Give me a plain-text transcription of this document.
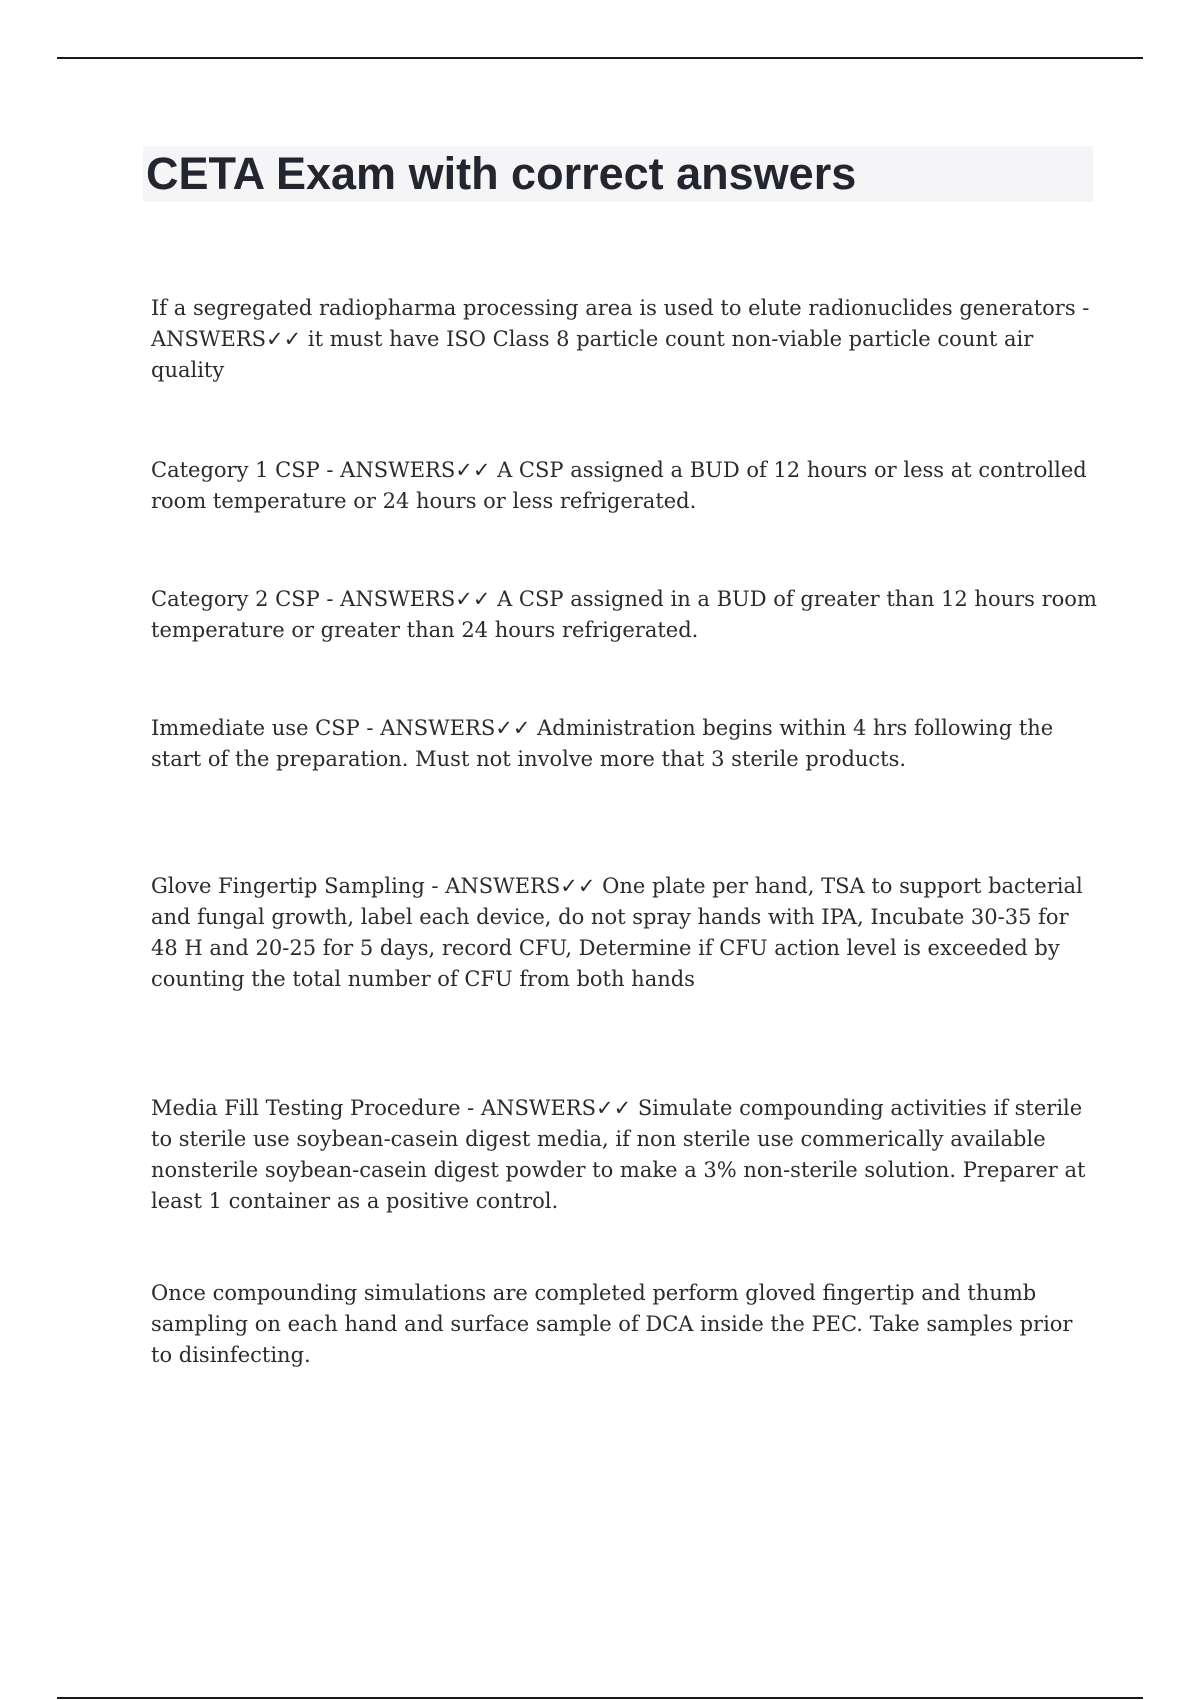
CETA Exam with correct answers

If a segregated radiopharma processing area is used to elute radionuclides generators - ANSWERS✓✓ it must have ISO Class 8 particle count non-viable particle count air quality

Category 1 CSP - ANSWERS✓✓ A CSP assigned a BUD of 12 hours or less at controlled room temperature or 24 hours or less refrigerated.

Category 2 CSP - ANSWERS✓✓ A CSP assigned in a BUD of greater than 12 hours room temperature or greater than 24 hours refrigerated.

Immediate use CSP - ANSWERS✓✓ Administration begins within 4 hrs following the start of the preparation. Must not involve more that 3 sterile products.

Glove Fingertip Sampling - ANSWERS✓✓ One plate per hand, TSA to support bacterial and fungal growth, label each device, do not spray hands with IPA, Incubate 30-35 for 48 H and 20-25 for 5 days, record CFU, Determine if CFU action level is exceeded by counting the total number of CFU from both hands

Media Fill Testing Procedure - ANSWERS✓✓ Simulate compounding activities if sterile to sterile use soybean-casein digest media, if non sterile use commerically available nonsterile soybean-casein digest powder to make a 3% non-sterile solution. Preparer at least 1 container as a positive control.

Once compounding simulations are completed perform gloved fingertip and thumb sampling on each hand and surface sample of DCA inside the PEC. Take samples prior to disinfecting.
